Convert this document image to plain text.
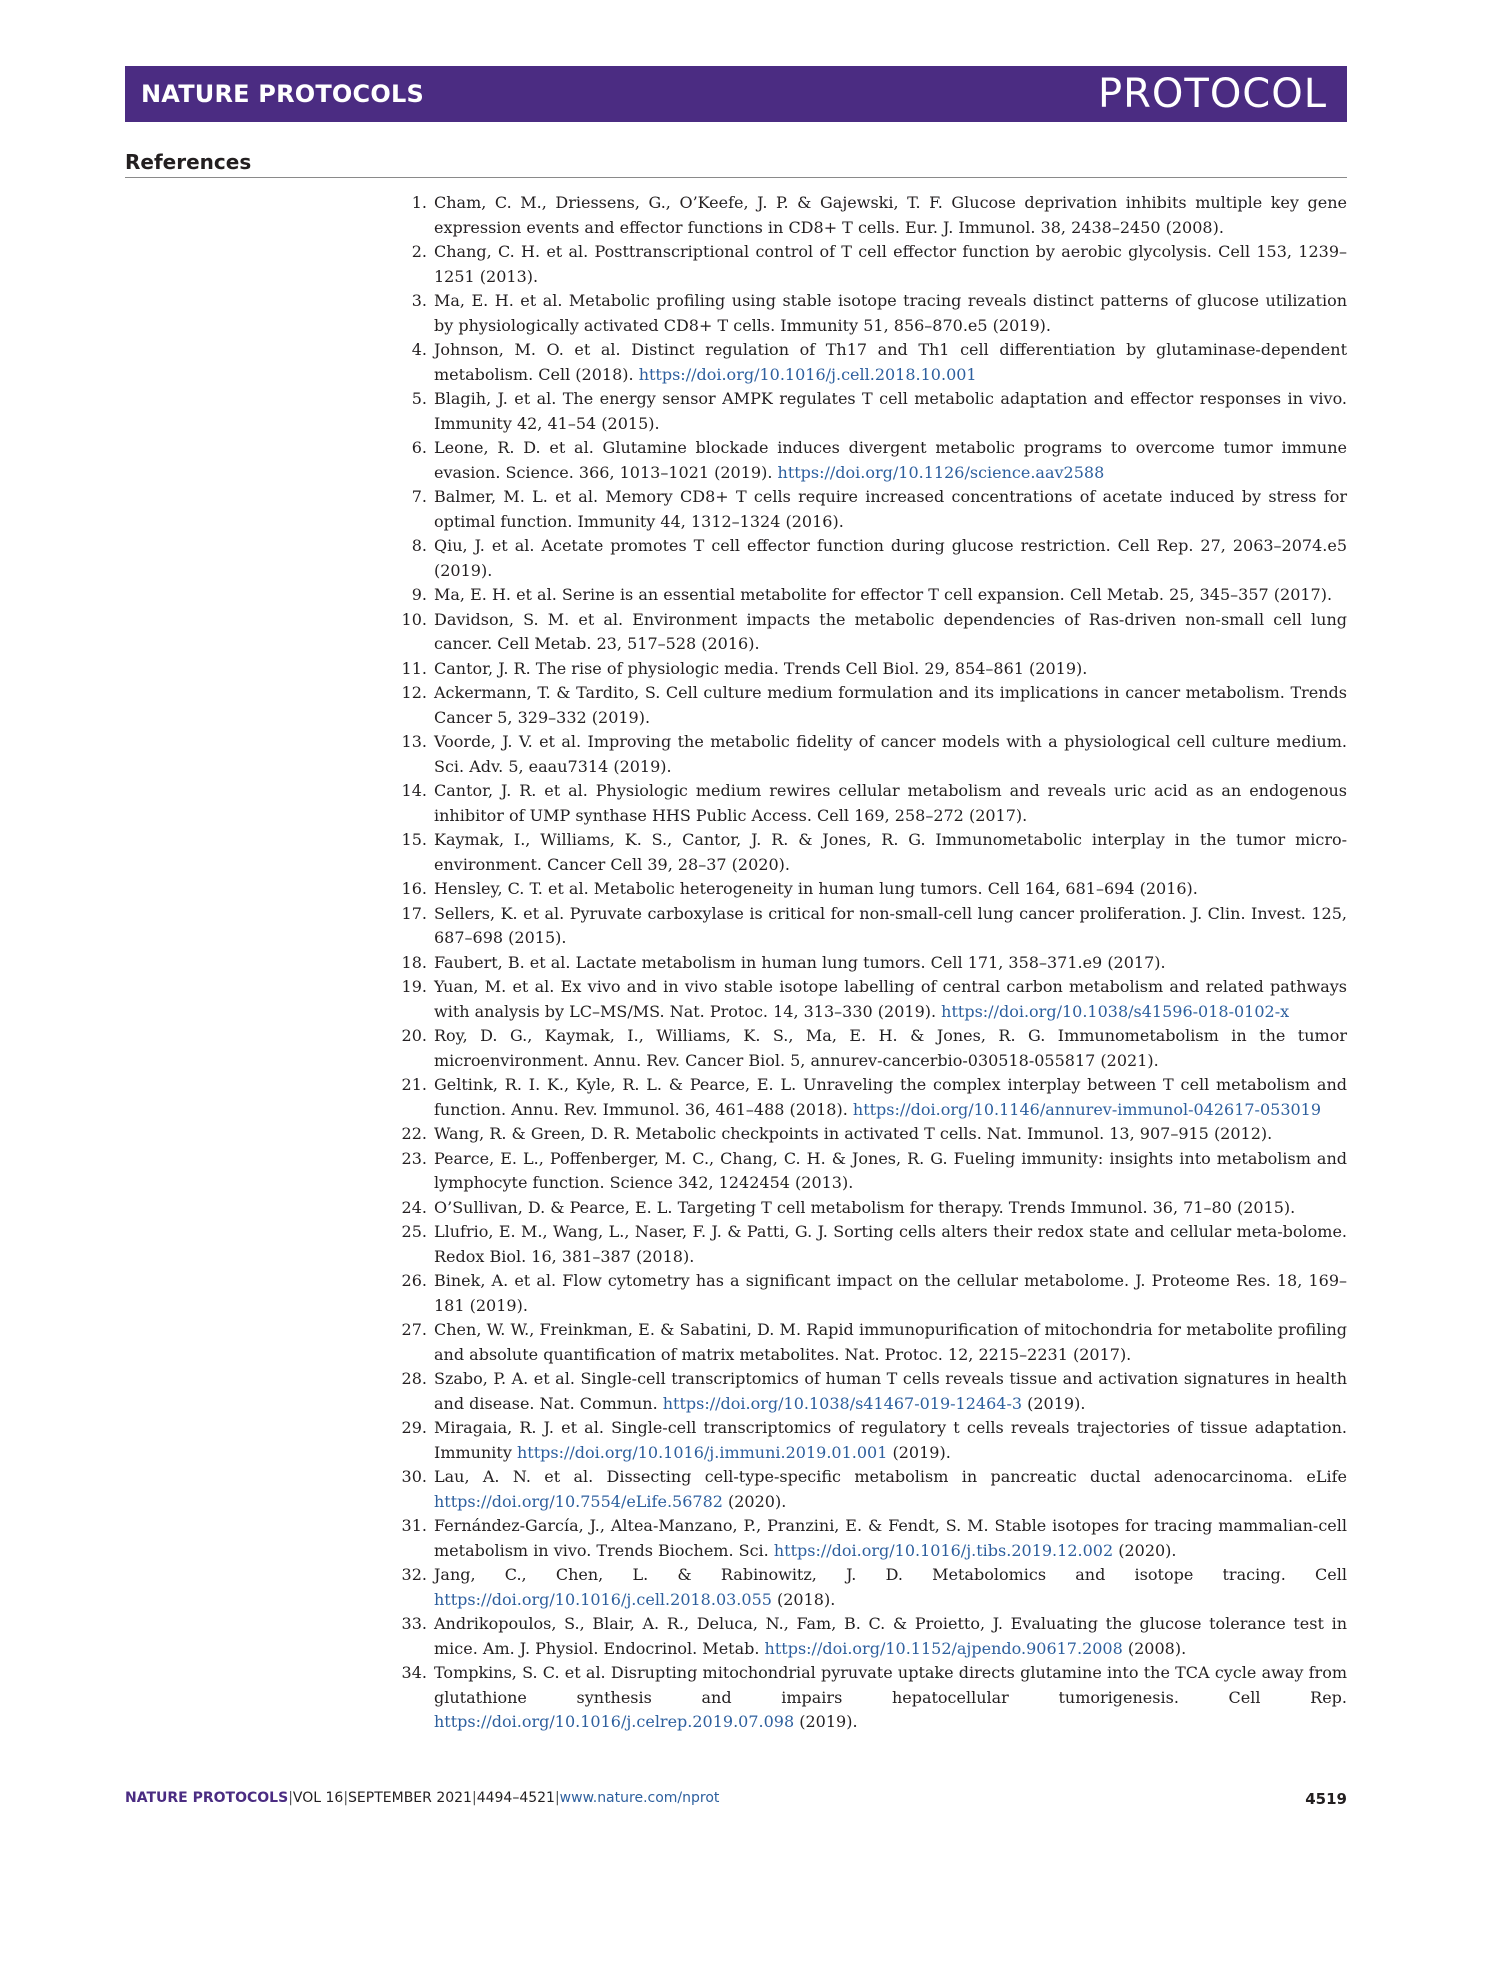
NATURE PROTOCOLS	PROTOCOL
References
1. Cham, C. M., Driessens, G., O’Keefe, J. P. & Gajewski, T. F. Glucose deprivation inhibits multiple key gene expression events and effector functions in CD8+ T cells. Eur. J. Immunol. 38, 2438–2450 (2008).
2. Chang, C. H. et al. Posttranscriptional control of T cell effector function by aerobic glycolysis. Cell 153, 1239–1251 (2013).
3. Ma, E. H. et al. Metabolic profiling using stable isotope tracing reveals distinct patterns of glucose utilization by physiologically activated CD8+ T cells. Immunity 51, 856–870.e5 (2019).
4. Johnson, M. O. et al. Distinct regulation of Th17 and Th1 cell differentiation by glutaminase-dependent metabolism. Cell (2018). https://doi.org/10.1016/j.cell.2018.10.001
5. Blagih, J. et al. The energy sensor AMPK regulates T cell metabolic adaptation and effector responses in vivo. Immunity 42, 41–54 (2015).
6. Leone, R. D. et al. Glutamine blockade induces divergent metabolic programs to overcome tumor immune evasion. Science. 366, 1013–1021 (2019). https://doi.org/10.1126/science.aav2588
7. Balmer, M. L. et al. Memory CD8+ T cells require increased concentrations of acetate induced by stress for optimal function. Immunity 44, 1312–1324 (2016).
8. Qiu, J. et al. Acetate promotes T cell effector function during glucose restriction. Cell Rep. 27, 2063–2074.e5 (2019).
9. Ma, E. H. et al. Serine is an essential metabolite for effector T cell expansion. Cell Metab. 25, 345–357 (2017).
10. Davidson, S. M. et al. Environment impacts the metabolic dependencies of Ras-driven non-small cell lung cancer. Cell Metab. 23, 517–528 (2016).
11. Cantor, J. R. The rise of physiologic media. Trends Cell Biol. 29, 854–861 (2019).
12. Ackermann, T. & Tardito, S. Cell culture medium formulation and its implications in cancer metabolism. Trends Cancer 5, 329–332 (2019).
13. Voorde, J. V. et al. Improving the metabolic fidelity of cancer models with a physiological cell culture medium. Sci. Adv. 5, eaau7314 (2019).
14. Cantor, J. R. et al. Physiologic medium rewires cellular metabolism and reveals uric acid as an endogenous inhibitor of UMP synthase HHS Public Access. Cell 169, 258–272 (2017).
15. Kaymak, I., Williams, K. S., Cantor, J. R. & Jones, R. G. Immunometabolic interplay in the tumor micro-environment. Cancer Cell 39, 28–37 (2020).
16. Hensley, C. T. et al. Metabolic heterogeneity in human lung tumors. Cell 164, 681–694 (2016).
17. Sellers, K. et al. Pyruvate carboxylase is critical for non-small-cell lung cancer proliferation. J. Clin. Invest. 125, 687–698 (2015).
18. Faubert, B. et al. Lactate metabolism in human lung tumors. Cell 171, 358–371.e9 (2017).
19. Yuan, M. et al. Ex vivo and in vivo stable isotope labelling of central carbon metabolism and related pathways with analysis by LC–MS/MS. Nat. Protoc. 14, 313–330 (2019). https://doi.org/10.1038/s41596-018-0102-x
20. Roy, D. G., Kaymak, I., Williams, K. S., Ma, E. H. & Jones, R. G. Immunometabolism in the tumor microenvironment. Annu. Rev. Cancer Biol. 5, annurev-cancerbio-030518-055817 (2021).
21. Geltink, R. I. K., Kyle, R. L. & Pearce, E. L. Unraveling the complex interplay between T cell metabolism and function. Annu. Rev. Immunol. 36, 461–488 (2018). https://doi.org/10.1146/annurev-immunol-042617-053019
22. Wang, R. & Green, D. R. Metabolic checkpoints in activated T cells. Nat. Immunol. 13, 907–915 (2012).
23. Pearce, E. L., Poffenberger, M. C., Chang, C. H. & Jones, R. G. Fueling immunity: insights into metabolism and lymphocyte function. Science 342, 1242454 (2013).
24. O’Sullivan, D. & Pearce, E. L. Targeting T cell metabolism for therapy. Trends Immunol. 36, 71–80 (2015).
25. Llufrio, E. M., Wang, L., Naser, F. J. & Patti, G. J. Sorting cells alters their redox state and cellular meta-bolome. Redox Biol. 16, 381–387 (2018).
26. Binek, A. et al. Flow cytometry has a significant impact on the cellular metabolome. J. Proteome Res. 18, 169–181 (2019).
27. Chen, W. W., Freinkman, E. & Sabatini, D. M. Rapid immunopurification of mitochondria for metabolite profiling and absolute quantification of matrix metabolites. Nat. Protoc. 12, 2215–2231 (2017).
28. Szabo, P. A. et al. Single-cell transcriptomics of human T cells reveals tissue and activation signatures in health and disease. Nat. Commun. https://doi.org/10.1038/s41467-019-12464-3 (2019).
29. Miragaia, R. J. et al. Single-cell transcriptomics of regulatory t cells reveals trajectories of tissue adaptation. Immunity https://doi.org/10.1016/j.immuni.2019.01.001 (2019).
30. Lau, A. N. et al. Dissecting cell-type-specific metabolism in pancreatic ductal adenocarcinoma. eLife https://doi.org/10.7554/eLife.56782 (2020).
31. Fernández-García, J., Altea-Manzano, P., Pranzini, E. & Fendt, S. M. Stable isotopes for tracing mammalian-cell metabolism in vivo. Trends Biochem. Sci. https://doi.org/10.1016/j.tibs.2019.12.002 (2020).
32. Jang, C., Chen, L. & Rabinowitz, J. D. Metabolomics and isotope tracing. Cell https://doi.org/10.1016/j.cell.2018.03.055 (2018).
33. Andrikopoulos, S., Blair, A. R., Deluca, N., Fam, B. C. & Proietto, J. Evaluating the glucose tolerance test in mice. Am. J. Physiol. Endocrinol. Metab. https://doi.org/10.1152/ajpendo.90617.2008 (2008).
34. Tompkins, S. C. et al. Disrupting mitochondrial pyruvate uptake directs glutamine into the TCA cycle away from glutathione synthesis and impairs hepatocellular tumorigenesis. Cell Rep. https://doi.org/10.1016/j.celrep.2019.07.098 (2019).
NATURE PROTOCOLS|VOL 16|SEPTEMBER 2021|4494–4521|www.nature.com/nprot	4519
